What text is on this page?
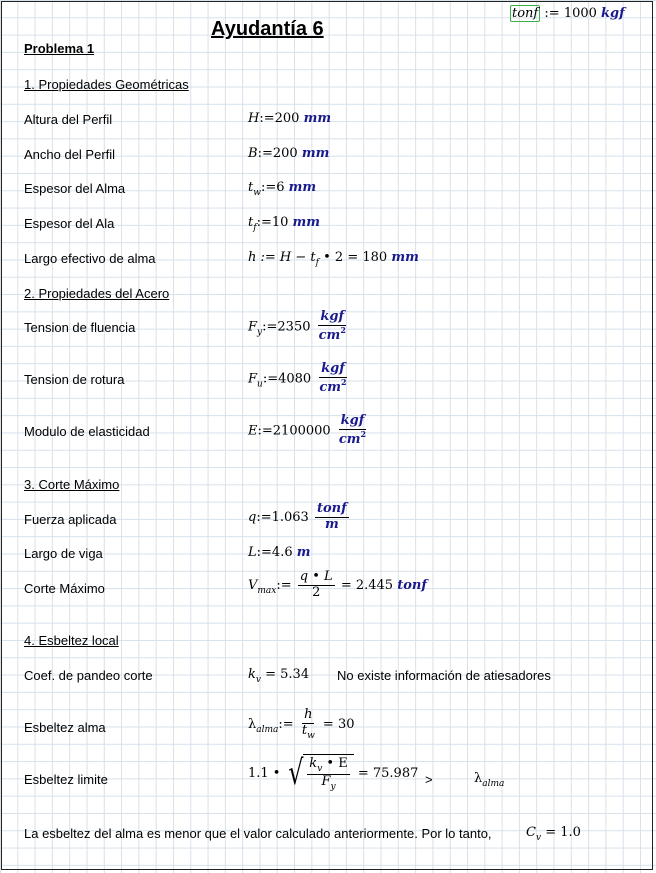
tonf := 1000 kgf
Ayudantía 6
Problema 1
1. Propiedades Geométricas
Altura del Perfil	H:=200 mm
Ancho del Perfil	B:=200 mm
Espesor del Alma	$t_w:=6$ mm
Espesor del Ala	$t_f:=10$ mm
Largo efectivo de alma	h := $H - t_f$ • 2 = 180 mm
2. Propiedades del Acero
Tension de fluencia	$F_y:=2350 \frac{\text{kgf}}{cm^2}$
Tension de rotura	$F_u:=4080 \frac{\text{kgf}}{cm^2}$
Modulo de elasticidad	E:=2100000 $\frac{\text{kgf}}{cm^2}$
3. Corte Máximo
Fuerza aplicada	q:=1.063 $\frac{\text{tonf}}{m}$
Largo de viga	L:=4.6 m
Corte Máximo	$V_{max}:= \frac{q • L}{2} = 2.445$ tonf
4. Esbeltez local
Coef. de pandeo corte	$k_v = 5.34$ No existe información de atiesadores
Esbeltez alma	$\lambda_{alma}:= \frac{h}{t_w} = 30$
Esbeltez limite	1.1 • √ $\frac{k_v • E}{F_y} = 75.987$ >	$\lambda_{alma}$
La esbeltez del alma es menor que el valor calculado anteriormente. Por lo tanto,	$C_v = 1.0$
